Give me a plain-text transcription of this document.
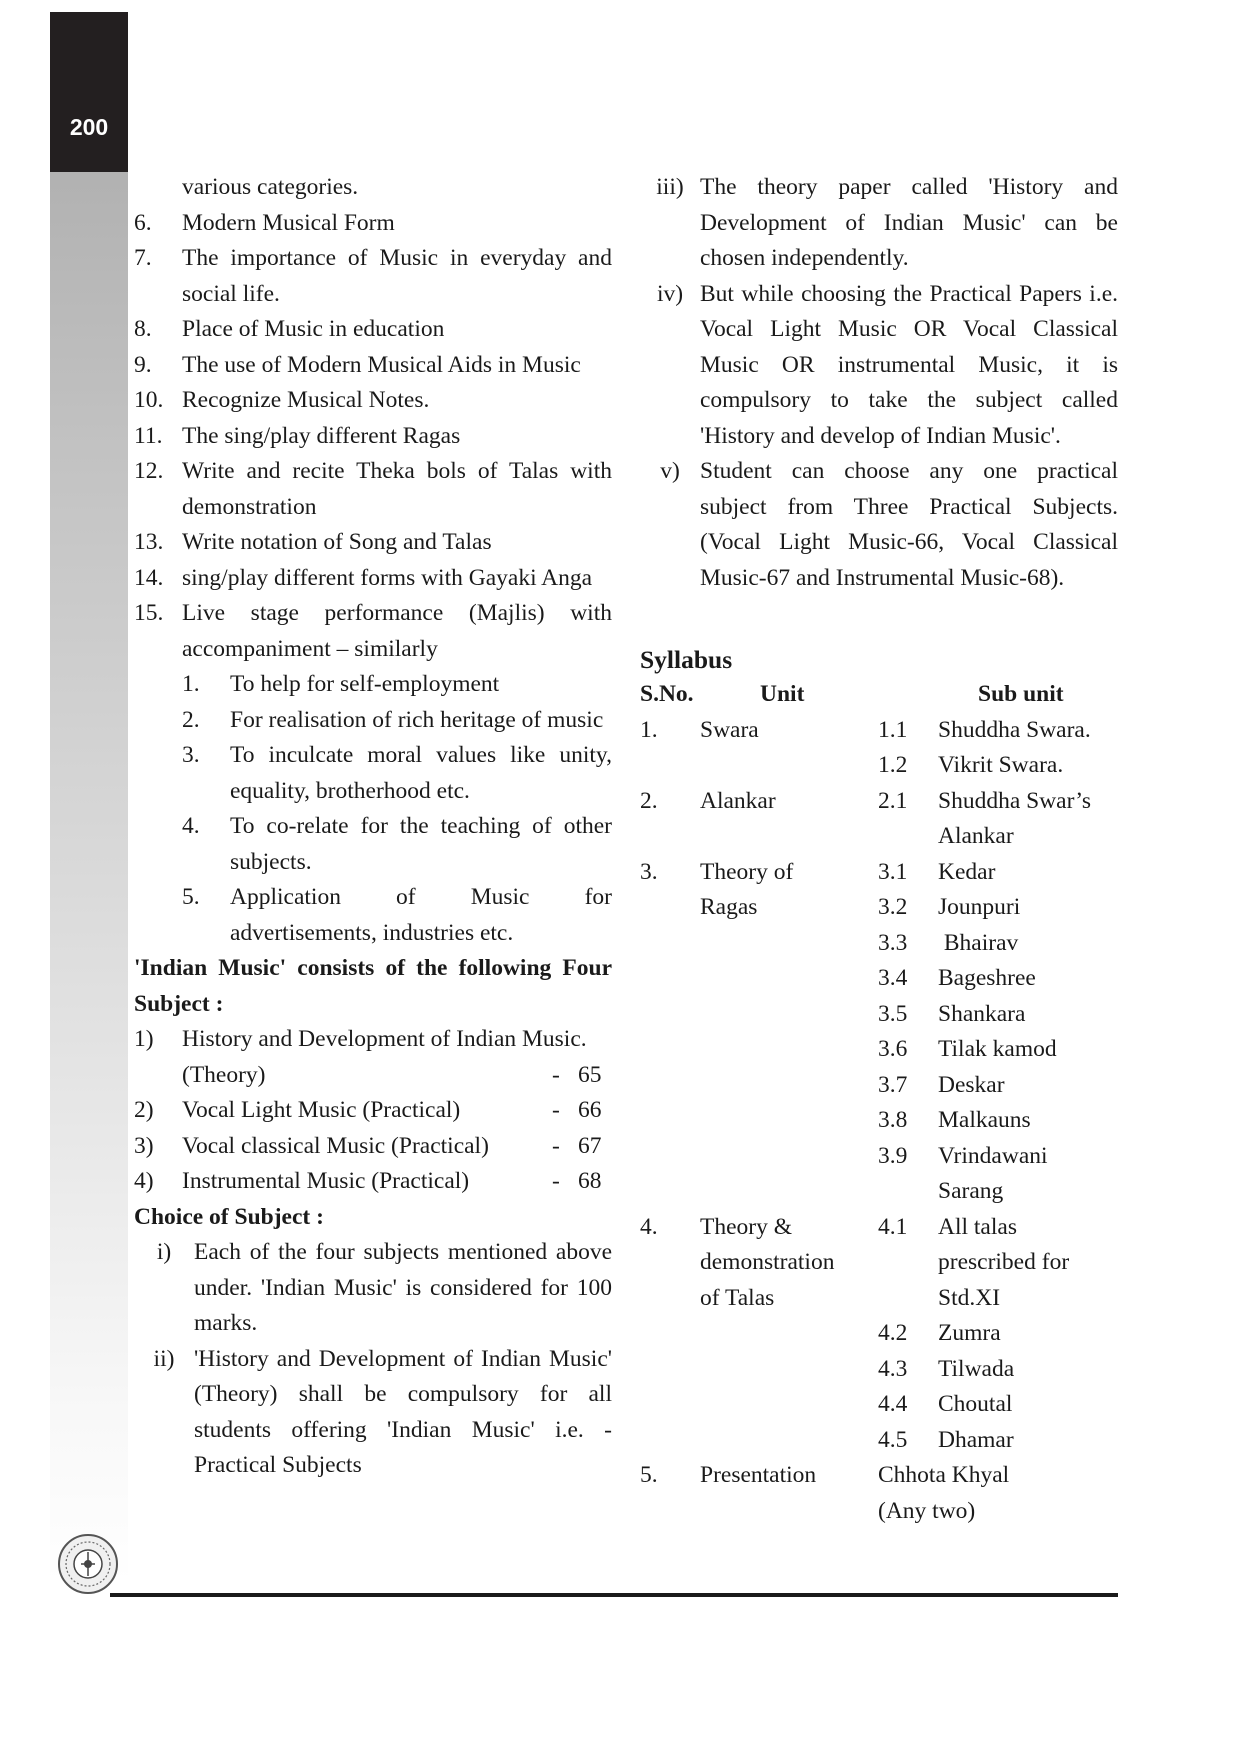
200
various categories.
6.	Modern Musical Form
7.	The importance of Music in everyday and social life.
8.	Place of Music in education
9.	The use of Modern Musical Aids in Music
10. Recognize Musical Notes.
11. The sing/play different Ragas
12. Write and recite Theka bols of Talas with demonstration
13. Write notation of Song and Talas
14. sing/play different forms with Gayaki Anga
15. Live stage performance (Majlis) with accompaniment – similarly
1.	To help for self-employment
2.	For realisation of rich heritage of music
3.	To inculcate moral values like unity, equality, brotherhood etc.
4.	To co-relate for the teaching of other subjects.
5.	Application of Music for advertisements, industries etc.
'Indian Music' consists of the following Four Subject :
1)	History and Development of Indian Music.
(Theory)	- 65
2)	Vocal Light Music (Practical)	- 66
3)	Vocal classical Music (Practical)	- 67
4)	Instrumental Music (Practical)	- 68
Choice of Subject :
i) Each of the four subjects mentioned above under. 'Indian Music' is considered for 100 marks.
ii) 'History and Development of Indian Music' (Theory) shall be compulsory for all students offering 'Indian Music' i.e. - Practical Subjects
iii) The theory paper called 'History and Development of Indian Music' can be chosen independently.
iv) But while choosing the Practical Papers i.e. Vocal Light Music OR Vocal Classical Music OR instrumental Music, it is compulsory to take the subject called 'History and develop of Indian Music'.
v) Student can choose any one practical subject from Three Practical Subjects. (Vocal Light Music-66, Vocal Classical Music-67 and Instrumental Music-68).
Syllabus
S.No.	Unit	Sub unit
1.	Swara	1.1	Shuddha Swara.
1.2	Vikrit Swara.
2.	Alankar	2.1	Shuddha Swar’s Alankar
3.	Theory of
Ragas
3.1	Kedar
3.2	Jounpuri
3.3	Bhairav
3.4	Bageshree
3.5	Shankara
3.6	Tilak kamod
3.7	Deskar
3.8	Malkauns
3.9	Vrindawani Sarang
4.	Theory &
demonstration
of Talas
4.1	All talas prescribed for Std.XI
4.2	Zumra
4.3	Tilwada
4.4	Choutal
4.5	Dhamar
5.	Presentation	Chhota Khyal
(Any two)
